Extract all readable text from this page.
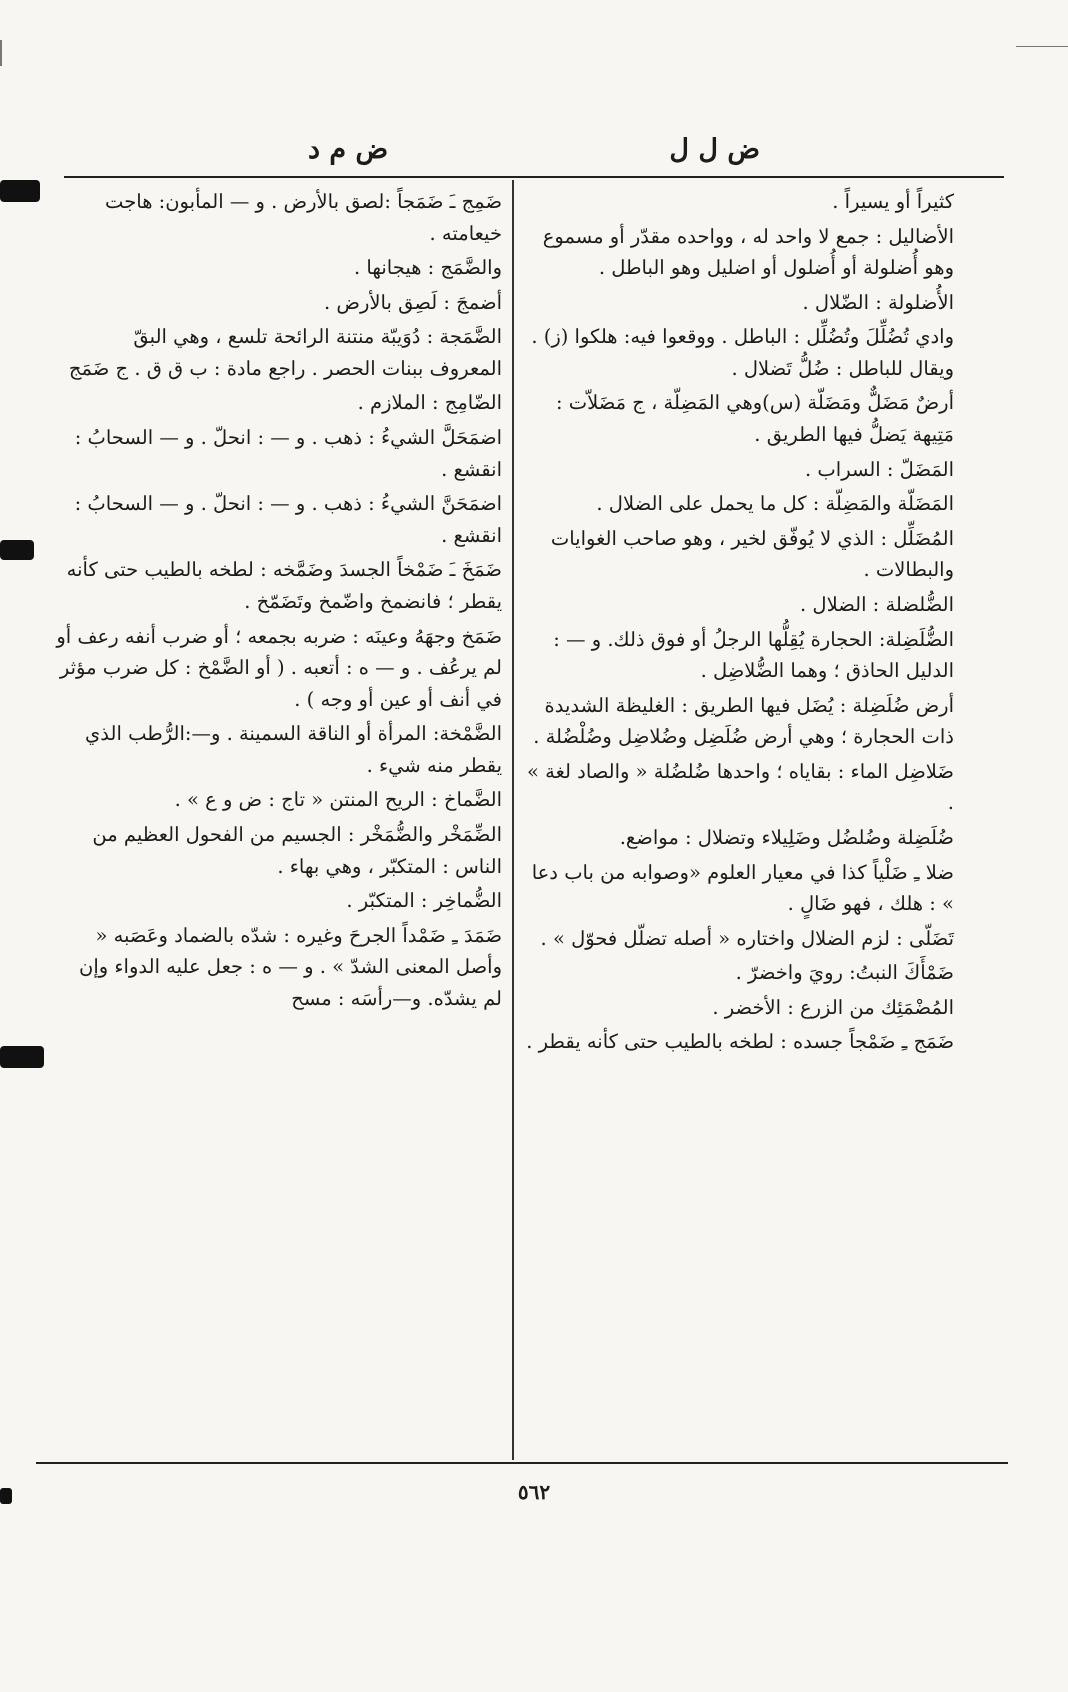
ض ل ل
ض م د

كثيراً أو يسيراً .

الأضاليل : جمع لا واحد له ، وواحده مقدّر أو مسموع وهو أُضلولة أو أُضلول أو اضليل وهو الباطل .

الأُضلولة : الضّلال .

وادي تُضُلِّلَ وتُضُلِّل : الباطل . ووقعوا فيه: هلكوا (ز) . ويقال للباطل : ضُلُّ تَضلال .

أرضٌ مَضَلٌّ ومَضَلّة (س)وهي المَضِلّة ، ج مَضَلاّت : مَتِيهة يَضلُّ فيها الطريق .

المَضَلّ : السراب .

المَضَلّة والمَضِلّة : كل ما يحمل على الضلال .

المُضَلِّل : الذي لا يُوفّق لخير ، وهو صاحب الغوايات والبطالات .

الضُّلضلة : الضلال .

الضُّلَضِلة: الحجارة يُقِلُّها الرجلُ أو فوق ذلك. و — : الدليل الحاذق ؛ وهما الضُّلاضِل .

أرض ضُلَضِلة : يُضَل فيها الطريق : الغليظة الشديدة ذات الحجارة ؛ وهي أرض ضُلَضِل وضُلاضِل وضُلْضُلة .

ضَلاضِل الماء : بقاياه ؛ واحدها ضُلضُلة « والصاد لغة » .

ضُلَضِلة وضُلضُل وضَلِيلاء وتضلال : مواضع.

ضلا ـِ ضَلْياً كذا في معيار العلوم «وصوابه من باب دعا » : هلك ، فهو ضَالٍ .

تَضَلّى : لزم الضلال واختاره « أصله تضلّل فحوّل » .

ضَمْأَكَ النبتُ: رويَ واخضرّ .

المُضْمَئِك من الزرع : الأخضر .

ضَمَج ـِ ضَمْجاً جسده : لطخه بالطيب حتى كأنه يقطر .

ضَمِج ـَ ضَمَجاً :لصق بالأرض . و — المأبون: هاجت خيعامته .

والضَّمَج : هيجانها .

أضمجَ : لَصِق بالأرض .

الضَّمَجة : دُوَيبّة منتنة الرائحة تلسع ، وهي البقّ المعروف ببنات الحصر . راجع مادة : ب ق ق . ج ضَمَج

الضّامِج : الملازم .

اضمَحَلَّ الشيءُ : ذهب . و — : انحلّ . و — السحابُ : انقشع .

اضمَحَنَّ الشيءُ : ذهب . و — : انحلّ . و — السحابُ : انقشع .

ضَمَخَ ـَ ضَمْخاً الجسدَ وضَمَّخه : لطخه بالطيب حتى كأنه يقطر ؛ فانضمخ واضّمخ وتَضَمّخ .

ضَمَخ وجهَهُ وعينَه : ضربه بجمعه ؛ أو ضرب أنفه رعف أو لم يرعُف . و — ه : أتعبه . ( أو الضَّمْخ : كل ضرب مؤثر في أنف أو عين أو وجه ) .

الضَّمْخة: المرأة أو الناقة السمينة . و—:الرُّطب الذي يقطر منه شيء .

الضَّماخ : الريح المنتن « تاج : ض و ع » .

الضِّمَخْر والضُّمَخْر : الجسيم من الفحول العظيم من الناس : المتكبّر ، وهي بهاء .

الضُّماخِر : المتكبّر .

ضَمَدَ ـِ ضَمْداً الجرحَ وغيره : شدّه بالضماد وعَصَبه « وأصل المعنى الشدّ » . و — ه : جعل عليه الدواء وإن لم يشدّه. و—رأسَه : مسح

٥٦٢
